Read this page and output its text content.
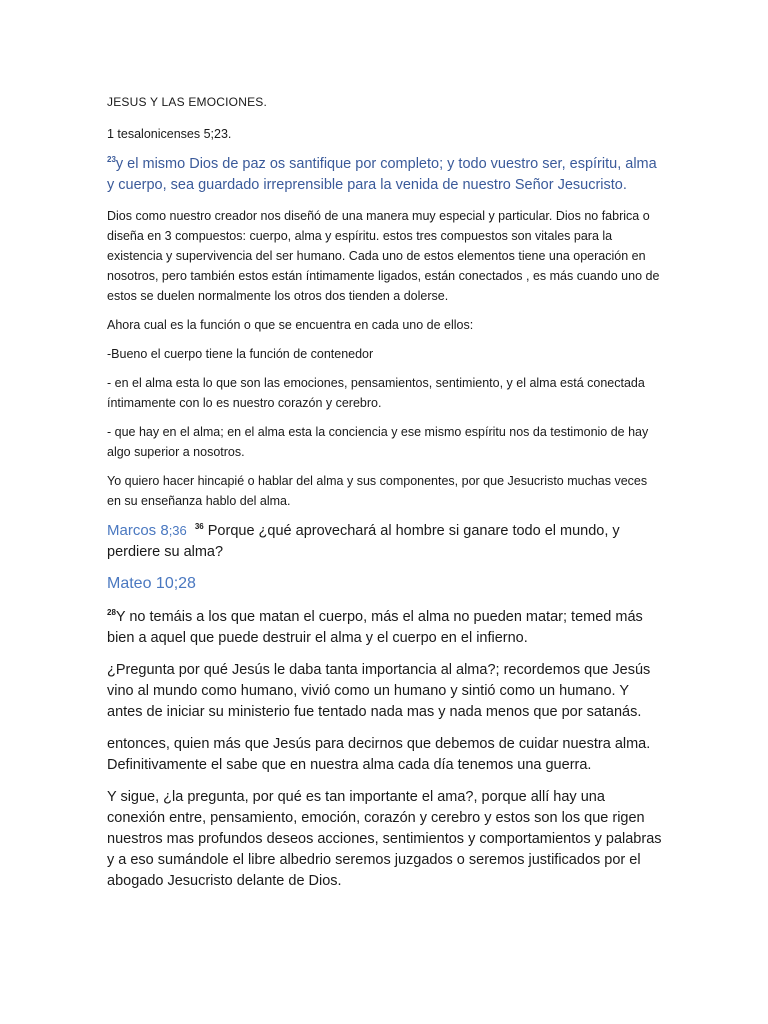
JESUS Y LAS EMOCIONES.

1 tesalonicenses 5;23.

$^{23}$y el mismo Dios de paz os santifique por completo; y todo vuestro ser, espíritu, alma y cuerpo, sea guardado irreprensible para la venida de nuestro Señor Jesucristo.

Dios como nuestro creador nos diseñó de una manera muy especial y particular. Dios no fabrica o diseña en 3 compuestos: cuerpo, alma y espíritu. estos tres compuestos son vitales para la existencia y supervivencia del ser humano. Cada uno de estos elementos tiene una operación en nosotros, pero también estos están íntimamente ligados, están conectados , es más cuando uno de estos se duelen normalmente los otros dos tienden a dolerse.

Ahora cual es la función o que se encuentra en cada uno de ellos:

-Bueno el cuerpo tiene la función de contenedor

- en el alma esta lo que son las emociones, pensamientos, sentimiento, y el alma está conectada íntimamente con lo es nuestro corazón y cerebro.

- que hay en el alma; en el alma esta la conciencia y ese mismo espíritu nos da testimonio de hay algo superior a nosotros.

Yo quiero hacer hincapié o hablar del alma y sus componentes, por que Jesucristo muchas veces en su enseñanza hablo del alma.

Marcos 8;36 $^{36}$ Porque ¿qué aprovechará al hombre si ganare todo el mundo, y perdiere su alma?

Mateo 10;28

$^{28}$Y no temáis a los que matan el cuerpo, más el alma no pueden matar; temed más bien a aquel que puede destruir el alma y el cuerpo en el infierno.

¿Pregunta por qué Jesús le daba tanta importancia al alma?; recordemos que Jesús vino al mundo como humano, vivió como un humano y sintió como un humano. Y antes de iniciar su ministerio fue tentado nada mas y nada menos que por satanás.

entonces, quien más que Jesús para decirnos que debemos de cuidar nuestra alma. Definitivamente el sabe que en nuestra alma cada día tenemos una guerra.

Y sigue, ¿la pregunta, por qué es tan importante el ama?, porque allí hay una conexión entre, pensamiento, emoción, corazón y cerebro y estos son los que rigen nuestros mas profundos deseos acciones, sentimientos y comportamientos y palabras y a eso sumándole el libre albedrio seremos juzgados o seremos justificados por el abogado Jesucristo delante de Dios.
